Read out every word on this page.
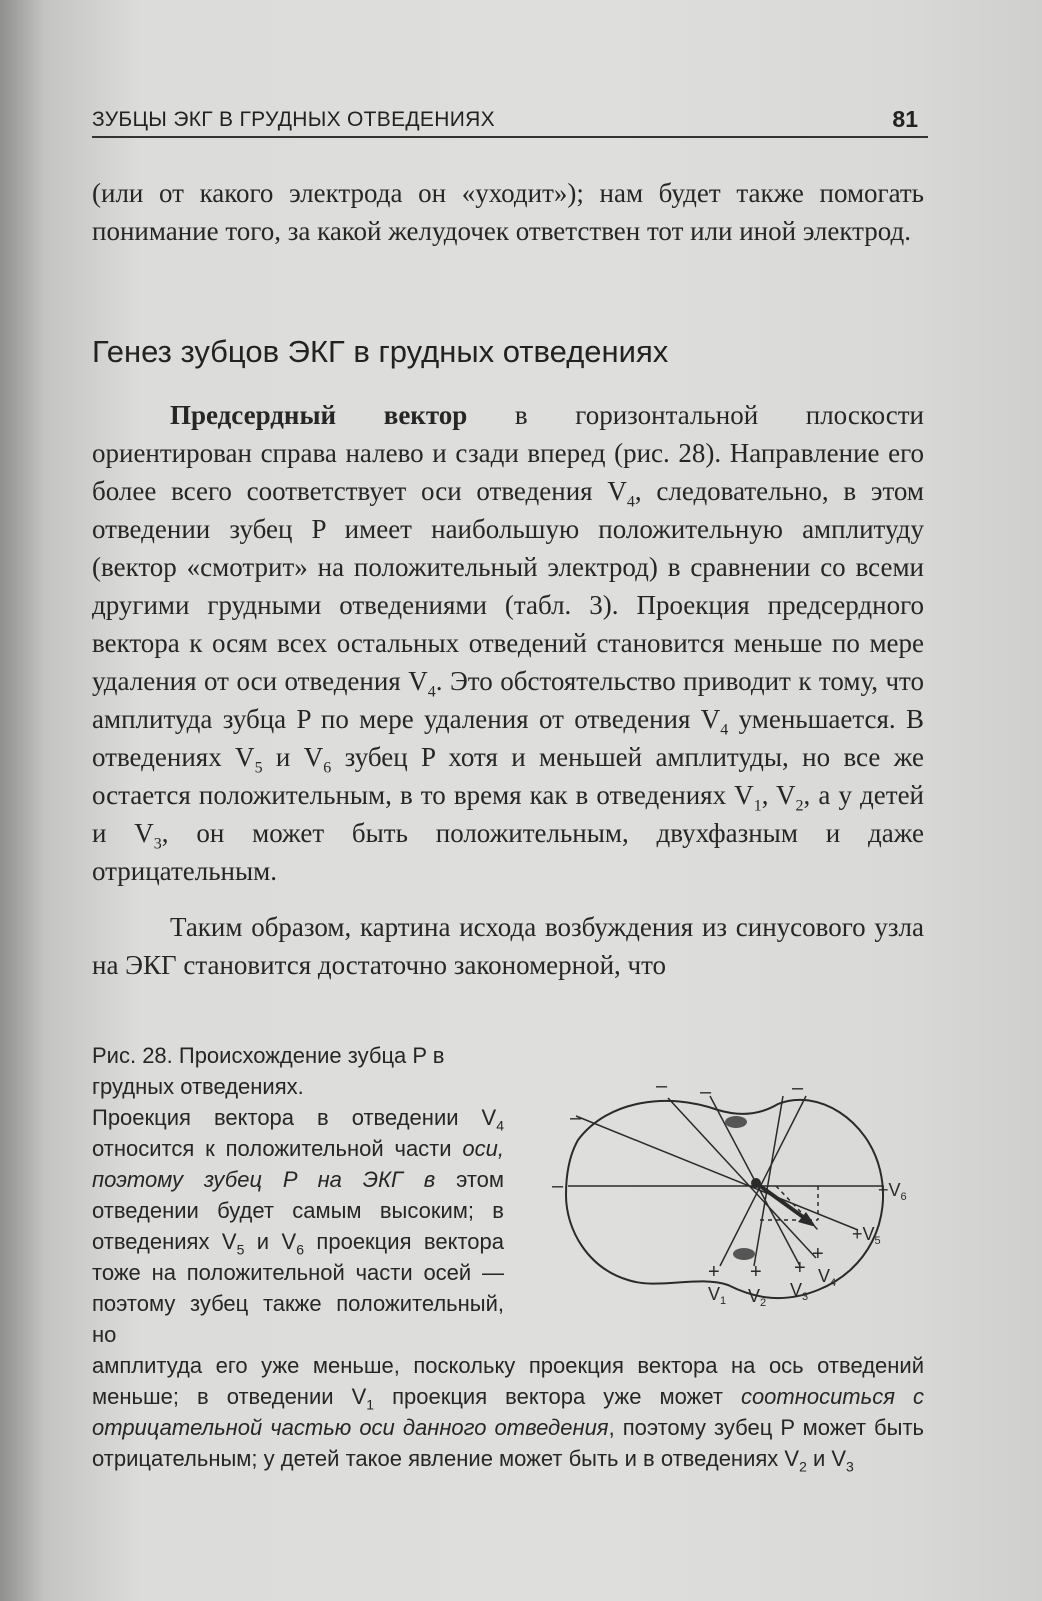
ЗУБЦЫ ЭКГ В ГРУДНЫХ ОТВЕДЕНИЯХ	81

(или от какого электрода он «уходит»); нам будет также помогать понимание того, за какой желудочек ответствен тот или иной электрод.

Генез зубцов ЭКГ в грудных отведениях

Предсердный вектор в горизонтальной плоскости ориентирован справа налево и сзади вперед (рис. 28). Направление его более всего соответствует оси отведения $V_4$, следовательно, в этом отведении зубец P имеет наибольшую положительную амплитуду (вектор «смотрит» на положительный электрод) в сравнении со всеми другими грудными отведениями (табл. 3). Проекция предсердного вектора к осям всех остальных отведений становится меньше по мере удаления от оси отведения $V_4$. Это обстоятельство приводит к тому, что амплитуда зубца P по мере удаления от отведения $V_4$ уменьшается. В отведениях $V_5$ и $V_6$ зубец P хотя и меньшей амплитуды, но все же остается положительным, в то время как в отведениях $V_1$, $V_2$, а у детей и $V_3$, он может быть положительным, двухфазным и даже отрицательным.

Таким образом, картина исхода возбуждения из синусового узла на ЭКГ становится достаточно закономерной, что

Рис. 28. Происхождение зубца P в грудных отведениях.

Проекция вектора в отведении $V_4$ относится к положительной части оси, поэтому зубец P на ЭКГ в этом отведении будет самым высоким; в отведениях $V_5$ и $V_6$ проекция вектора тоже на положительной части осей — поэтому зубец также положительный, но

амплитуда его уже меньше, поскольку проекция вектора на ось отведений меньше; в отведении $V_1$ проекция вектора уже может соотноситься с отрицательной частью оси данного отведения, поэтому зубец P может быть отрицательным; у детей такое явление может быть и в отведениях $V_2$ и $V_3$

– –	–
–
–
+ + +
+
$V_1$ $V_2$
$V_3$
$V_4$
$+V_5$
$+V_6$
